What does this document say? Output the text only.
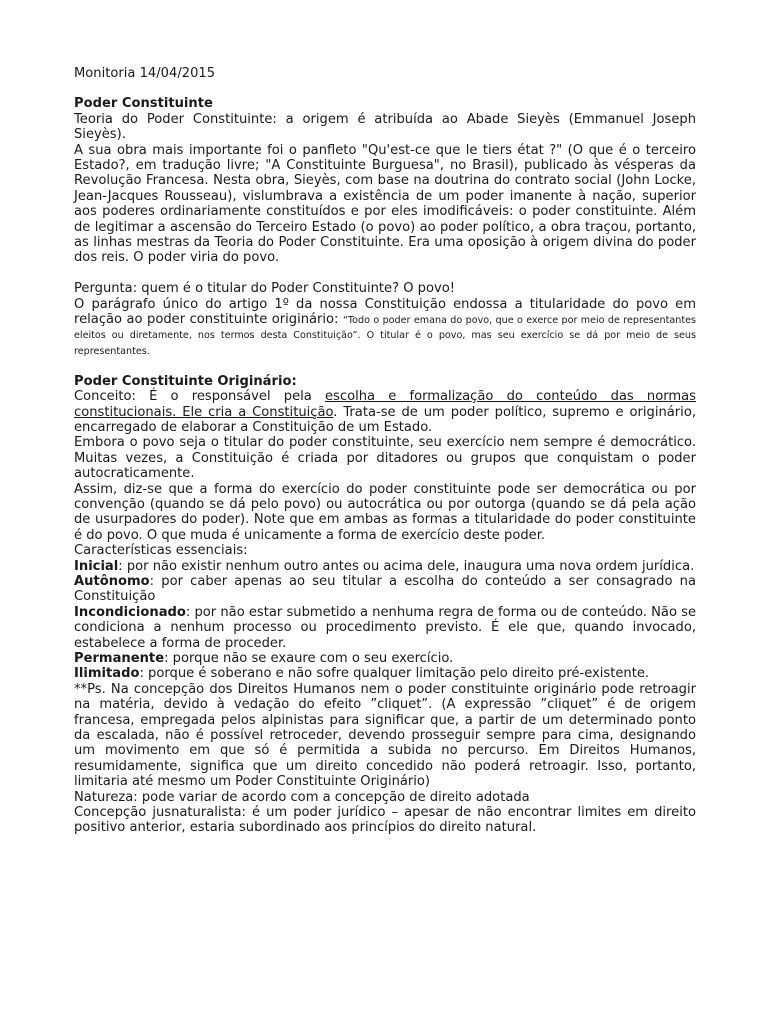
Monitoria 14/04/2015

Poder Constituinte

Teoria do Poder Constituinte: a origem é atribuída ao Abade Sieyès (Emmanuel Joseph Sieyès).

A sua obra mais importante foi o panfleto "Qu'est-ce que le tiers état ?" (O que é o terceiro Estado?, em tradução livre; "A Constituinte Burguesa", no Brasil), publicado às vésperas da Revolução Francesa. Nesta obra, Sieyès, com base na doutrina do contrato social (John Locke, Jean-Jacques Rousseau), vislumbrava a existência de um poder imanente à nação, superior aos poderes ordinariamente constituídos e por eles imodificáveis: o poder constituinte. Além de legitimar a ascensão do Terceiro Estado (o povo) ao poder político, a obra traçou, portanto, as linhas mestras da Teoria do Poder Constituinte. Era uma oposição à origem divina do poder dos reis. O poder viria do povo.

Pergunta: quem é o titular do Poder Constituinte? O povo!

O parágrafo único do artigo 1º da nossa Constituição endossa a titularidade do povo em relação ao poder constituinte originário: “Todo o poder emana do povo, que o exerce por meio de representantes eleitos ou diretamente, nos termos desta Constituição”. O titular é o povo, mas seu exercício se dá por meio de seus representantes.

Poder Constituinte Originário:

Conceito: É o responsável pela escolha e formalização do conteúdo das normas constitucionais. Ele cria a Constituição. Trata-se de um poder político, supremo e originário, encarregado de elaborar a Constituição de um Estado.

Embora o povo seja o titular do poder constituinte, seu exercício nem sempre é democrático. Muitas vezes, a Constituição é criada por ditadores ou grupos que conquistam o poder autocraticamente.

Assim, diz-se que a forma do exercício do poder constituinte pode ser democrática ou por convenção (quando se dá pelo povo) ou autocrática ou por outorga (quando se dá pela ação de usurpadores do poder). Note que em ambas as formas a titularidade do poder constituinte é do povo. O que muda é unicamente a forma de exercício deste poder.

Características essenciais:

Inicial: por não existir nenhum outro antes ou acima dele, inaugura uma nova ordem jurídica.

Autônomo: por caber apenas ao seu titular a escolha do conteúdo a ser consagrado na Constituição

Incondicionado: por não estar submetido a nenhuma regra de forma ou de conteúdo. Não se condiciona a nenhum processo ou procedimento previsto. É ele que, quando invocado, estabelece a forma de proceder.

Permanente: porque não se exaure com o seu exercício.

Ilimitado: porque é soberano e não sofre qualquer limitação pelo direito pré-existente.

**Ps. Na concepção dos Direitos Humanos nem o poder constituinte originário pode retroagir na matéria, devido à vedação do efeito ”cliquet”. (A expressão ”cliquet” é de origem francesa, empregada pelos alpinistas para significar que, a partir de um determinado ponto da escalada, não é possível retroceder, devendo prosseguir sempre para cima, designando um movimento em que só é permitida a subida no percurso. Em Direitos Humanos, resumidamente, significa que um direito concedido não poderá retroagir. Isso, portanto, limitaria até mesmo um Poder Constituinte Originário)

Natureza: pode variar de acordo com a concepção de direito adotada

Concepção jusnaturalista: é um poder jurídico – apesar de não encontrar limites em direito positivo anterior, estaria subordinado aos princípios do direito natural.
